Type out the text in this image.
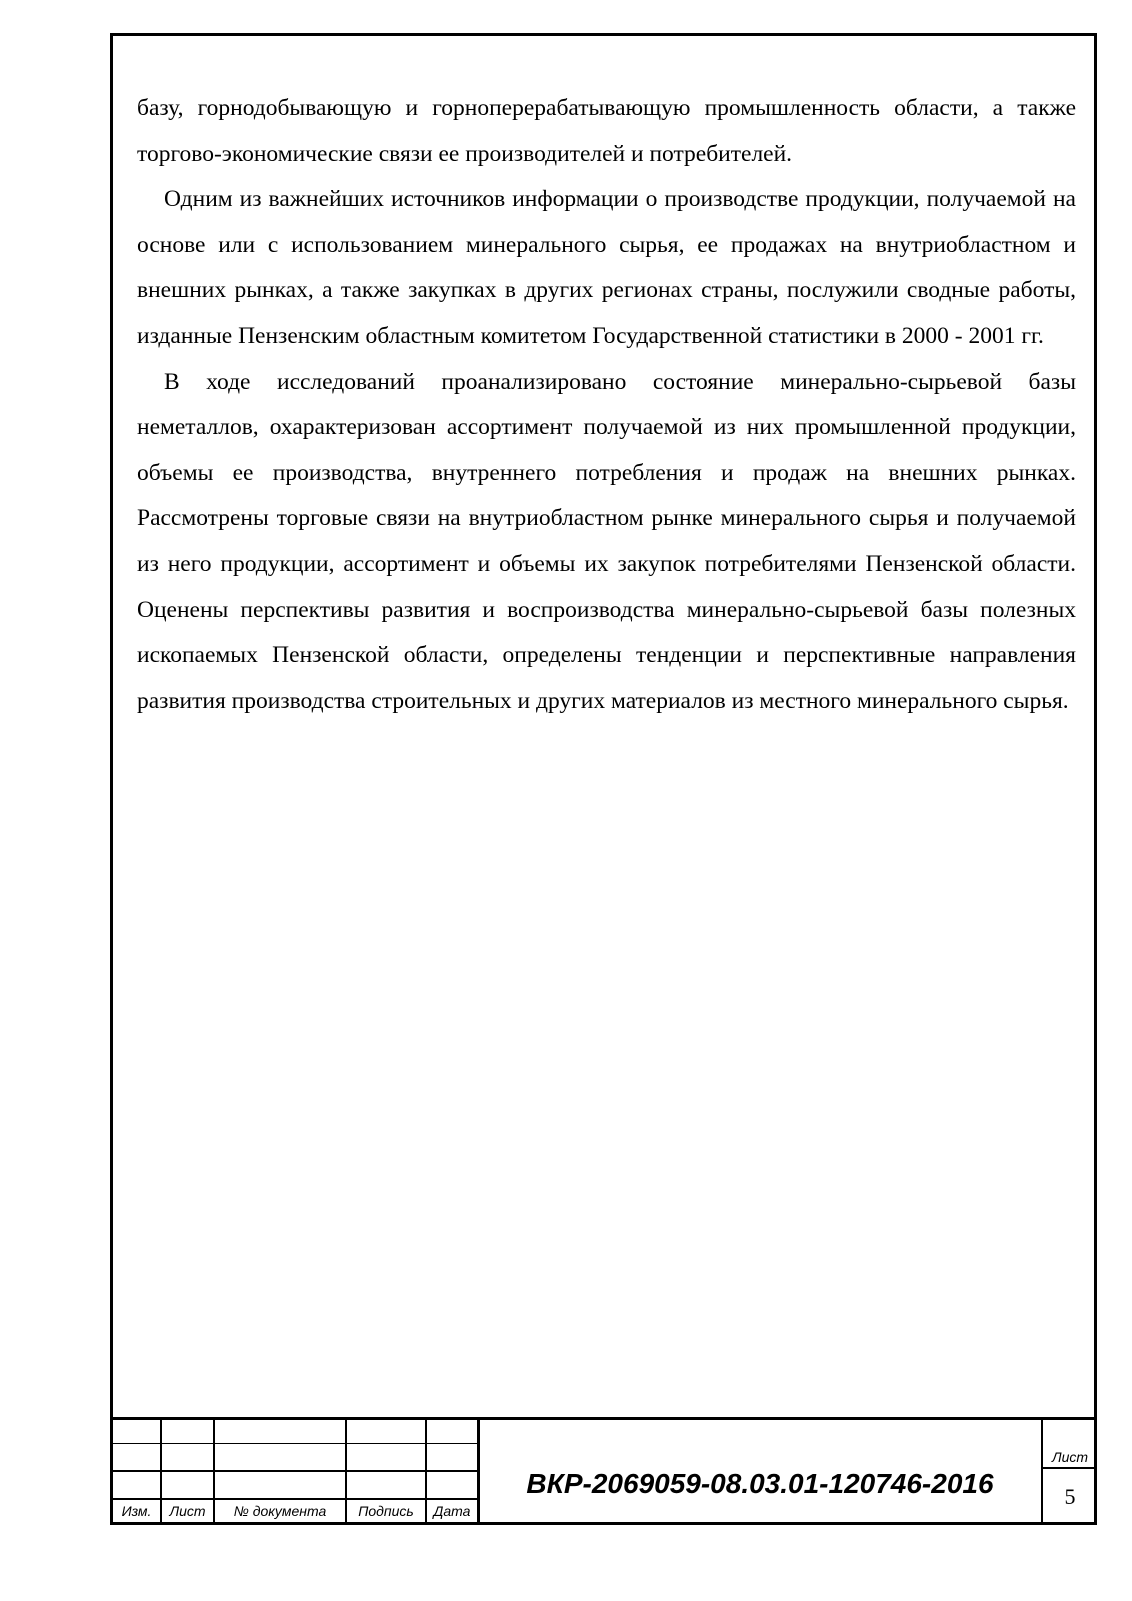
базу, горнодобывающую и горноперерабатывающую промышленность области, а также торгово-экономические связи ее производителей и потребителей.

Одним из важнейших источников информации о производстве продукции, получаемой на основе или с использованием минерального сырья, ее продажах на внутриобластном и внешних рынках, а также закупках в других регионах страны, послужили сводные работы, изданные Пензенским областным комитетом Государственной статистики в 2000 - 2001 гг.

В ходе исследований проанализировано состояние минерально-сырьевой базы неметаллов, охарактеризован ассортимент получаемой из них промышленной продукции, объемы ее производства, внутреннего потребления и продаж на внешних рынках. Рассмотрены торговые связи на внутриобластном рынке минерального сырья и получаемой из него продукции, ассортимент и объемы их закупок потребителями Пензенской области. Оценены перспективы развития и воспроизводства минерально-сырьевой базы полезных ископаемых Пензенской области, определены тенденции и перспективные направления развития производства строительных и других материалов из местного минерального сырья.

Изм.	Лист	№ документа	Подпись	Дата
ВКР-2069059-08.03.01-120746-2016
Лист
5
